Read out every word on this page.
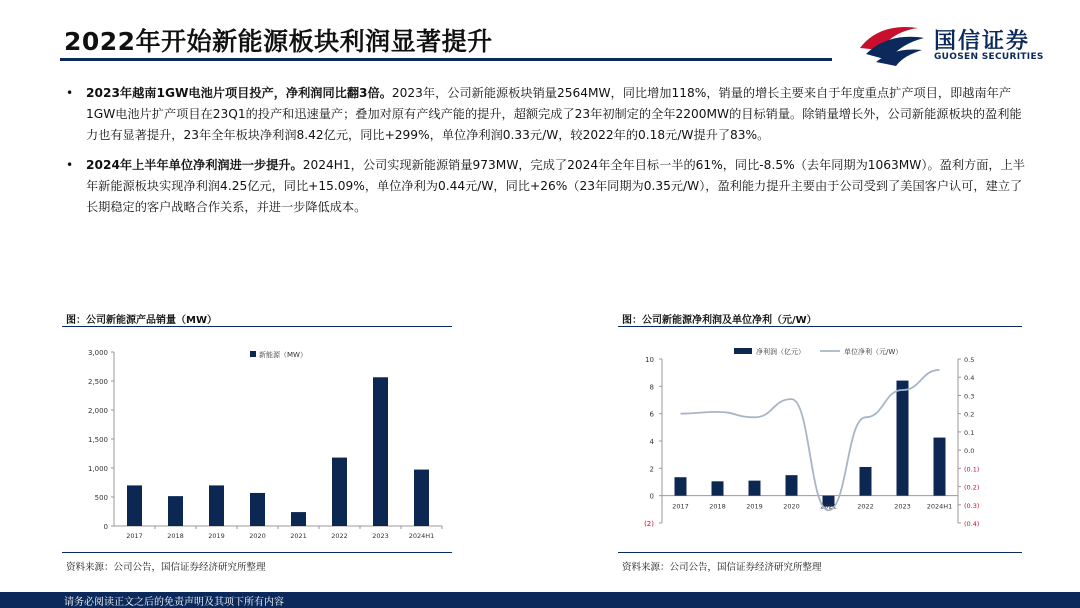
2022年开始新能源板块利润显著提升	国信证券
GUOSEN SECURITIES
• 2023年越南1GW电池片项目投产，净利润同比翻3倍。2023年，公司新能源板块销量2564MW，同比增加118%，销量的增长主要来自于年度重点扩产项目，即越南年产1GW电池片扩产项目在23Q1的投产和迅速量产；叠加对原有产线产能的提升，超额完成了23年初制定的全年2200MW的目标销量。除销量增长外，公司新能源板块的盈利能力也有显著提升，23年全年板块净利润8.42亿元，同比+299%，单位净利润0.33元/W，较2022年的0.18元/W提升了83%。
• 2024年上半年单位净利润进一步提升。2024H1，公司实现新能源销量973MW，完成了2024年全年目标一半的61%，同比-8.5%（去年同期为1063MW）。盈利方面，上半年新能源板块实现净利润4.25亿元，同比+15.09%，单位净利为0.44元/W，同比+26%（23年同期为0.35元/W），盈利能力提升主要由于公司受到了美国客户认可，建立了长期稳定的客户战略合作关系，并进一步降低成本。
图：公司新能源产品销量（MW）
0
500
1,000
1,500
2,000
2,500
3,000
2017	2018	2019	2020	2021	2022	2023	2024H1
新能源（MW）
资料来源：公司公告，国信证券经济研究所整理
图：公司新能源净利润及单位净利（元/W）
(2)
0
2
4
6
8
10
(0.4)
(0.3)
(0.2)
(0.1)
0.0
0.1
0.2
0.3
0.4
0.5
2017	2018	2019	2020	2021	2022	2023 2024H1
净利润（亿元）	单位净利（元/W）
资料来源：公司公告，国信证券经济研究所整理
请务必阅读正文之后的免责声明及其项下所有内容
